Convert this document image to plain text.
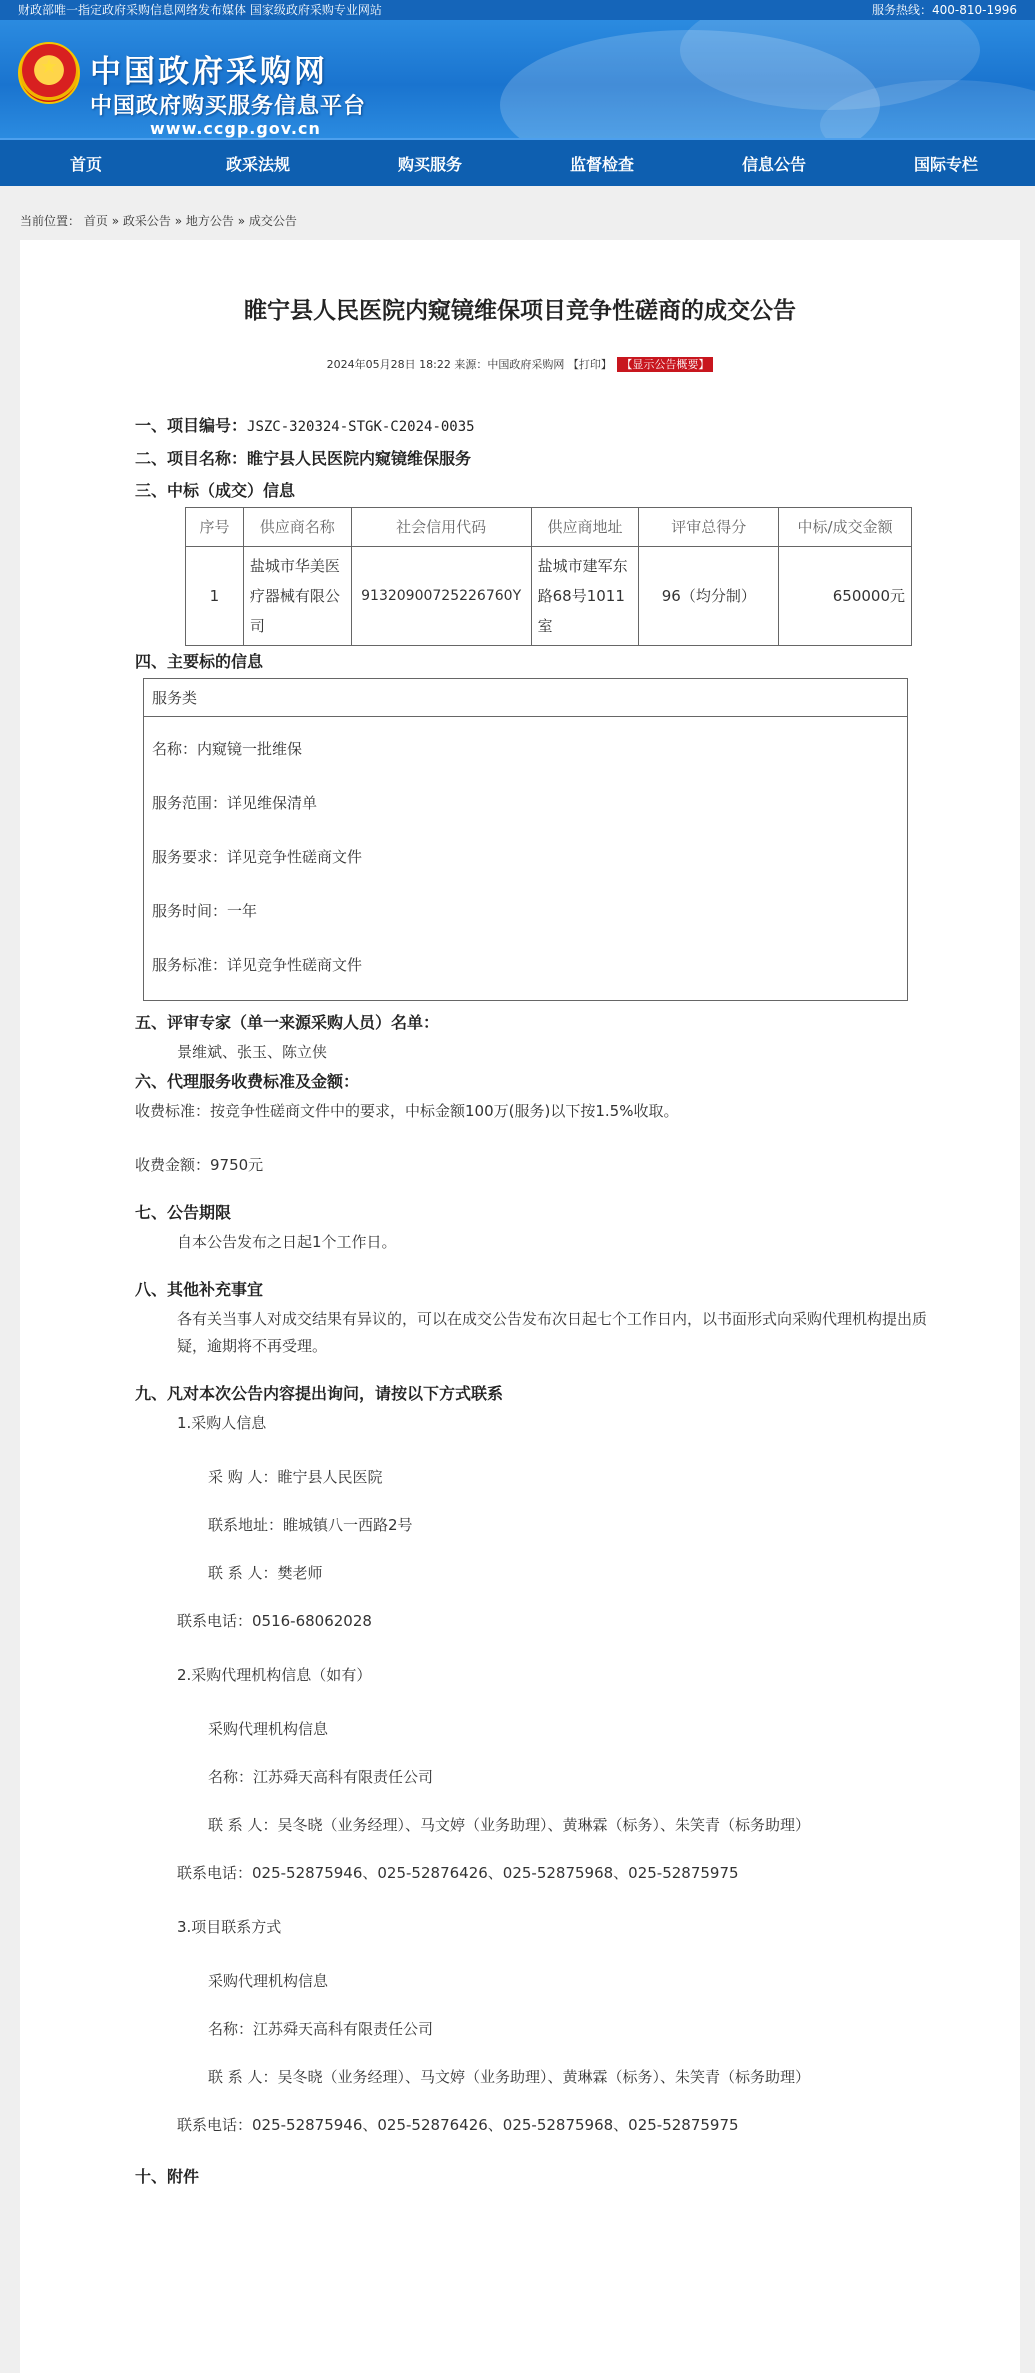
财政部唯一指定政府采购信息网络发布媒体 国家级政府采购专业网站	服务热线：400-810-1996
★
中国政府采购网
中国政府购买服务信息平台
www.ccgp.gov.cn
首页	政采法规	购买服务	监督检查	信息公告	国际专栏
当前位置： 首页 » 政采公告 » 地方公告 » 成交公告
睢宁县人民医院内窥镜维保项目竞争性磋商的成交公告
2024年05月28日 18:22 来源：中国政府采购网 【打印】 【显示公告概要】
一、项目编号：JSZC-320324-STGK-C2024-0035
二、项目名称：睢宁县人民医院内窥镜维保服务
三、中标（成交）信息
序号	供应商名称	社会信用代码	供应商地址	评审总得分	中标/成交金额
1	盐城市华美医疗器械有限公司	91320900725226760Y	盐城市建军东路68号1011室	96（均分制）	650000元
四、主要标的信息
服务类
名称：内窥镜一批维保
服务范围：详见维保清单
服务要求：详见竞争性磋商文件
服务时间：一年
服务标准：详见竞争性磋商文件
五、评审专家（单一来源采购人员）名单：
景维斌、张玉、陈立侠
六、代理服务收费标准及金额：
收费标准：按竞争性磋商文件中的要求，中标金额100万(服务)以下按1.5%收取。
收费金额：9750元
七、公告期限
自本公告发布之日起1个工作日。
八、其他补充事宜
各有关当事人对成交结果有异议的，可以在成交公告发布次日起七个工作日内，以书面形式向采购代理机构提出质疑，逾期将不再受理。
九、凡对本次公告内容提出询问，请按以下方式联系
1.采购人信息
采 购 人：睢宁县人民医院
联系地址：睢城镇八一西路2号
联 系 人：樊老师
联系电话：0516-68062028
2.采购代理机构信息（如有）
采购代理机构信息
名称：江苏舜天高科有限责任公司
联 系 人：吴冬晓（业务经理）、马文婷（业务助理）、黄琳霖（标务）、朱笑青（标务助理）
联系电话：025-52875946、025-52876426、025-52875968、025-52875975
3.项目联系方式
采购代理机构信息
名称：江苏舜天高科有限责任公司
联 系 人：吴冬晓（业务经理）、马文婷（业务助理）、黄琳霖（标务）、朱笑青（标务助理）
联系电话：025-52875946、025-52876426、025-52875968、025-52875975
十、附件
